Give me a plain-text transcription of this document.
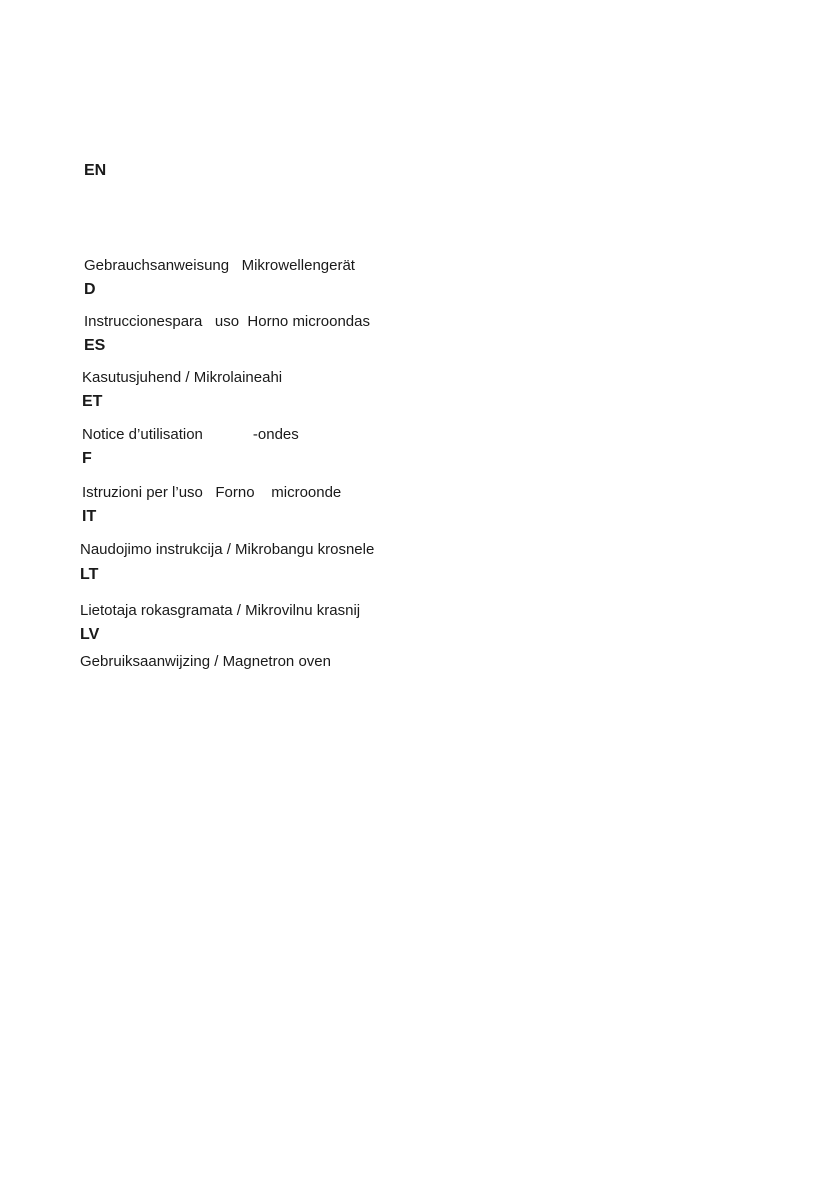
EN
Gebrauchsanweisung   Mikrowellengerät
D
Instruccionespara   uso  Horno microondas
ES
Kasutusjuhend / Mikrolaineahi
ET
Notice d’utilisation            -ondes
F
Istruzioni per l’uso   Forno    microonde
IT
Naudojimo instrukcija / Mikrobangu krosnele
LT
Lietotaja rokasgramata / Mikrovilnu krasnij
LV
Gebruiksaanwijzing / Magnetron oven
